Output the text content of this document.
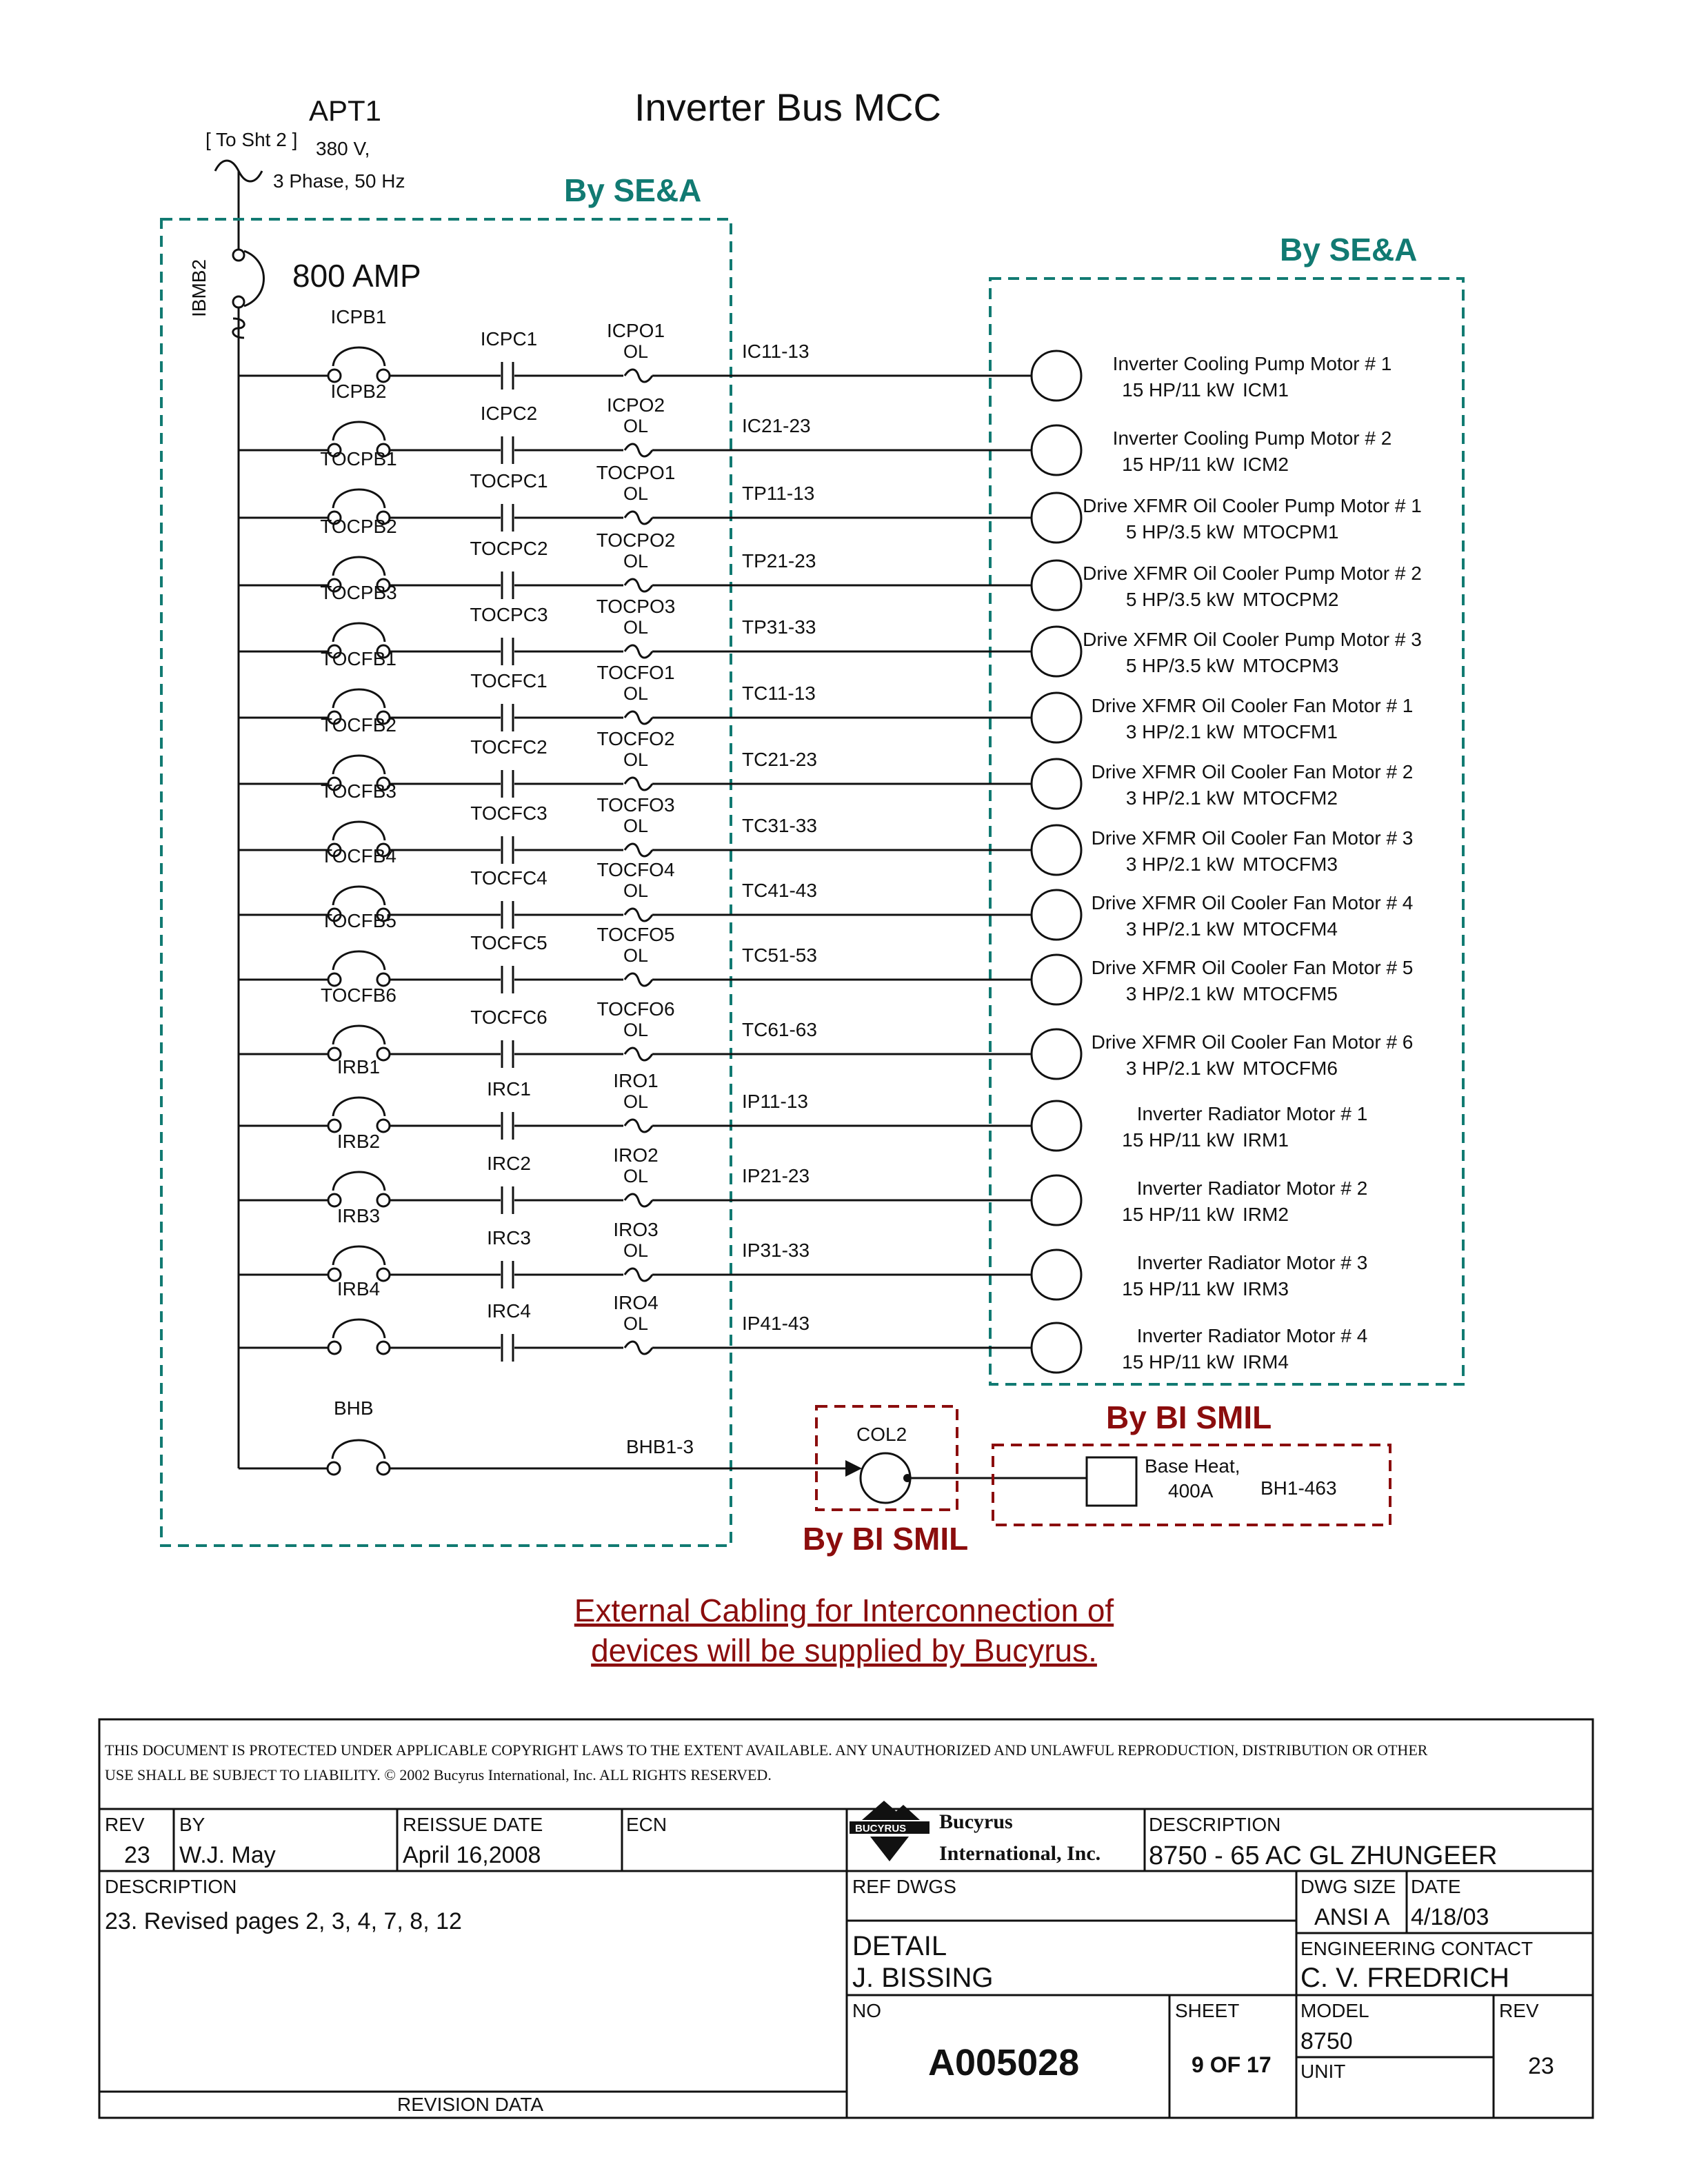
APT1
380 V,
3 Phase, 50 Hz
[ To Sht 2 ]
Inverter Bus MCC
By SE&A
By SE&A
IBMB2	800 AMP
ICPB1
ICPC1
OL
ICPO1
IC11-13
Inverter Cooling Pump Motor # 1
15 HP/11 kW ICM1
ICPB2
ICPC2
OL
ICPO2
IC21-23
Inverter Cooling Pump Motor # 2
15 HP/11 kW ICM2
TOCPB1
TOCPC1
OL
TOCPO1
TP11-13
Drive XFMR Oil Cooler Pump Motor # 1
5 HP/3.5 kW MTOCPM1
TOCPB2
TOCPC2
OL
TOCPO2
TP21-23
Drive XFMR Oil Cooler Pump Motor # 2
5 HP/3.5 kW MTOCPM2
TOCPB3
TOCPC3
OL
TOCPO3
TP31-33
Drive XFMR Oil Cooler Pump Motor # 3
5 HP/3.5 kW MTOCPM3
TOCFB1
TOCFC1
OL
TOCFO1
TC11-13
Drive XFMR Oil Cooler Fan Motor # 1
3 HP/2.1 kW MTOCFM1
TOCFB2
TOCFC2
OL
TOCFO2
TC21-23
Drive XFMR Oil Cooler Fan Motor # 2
3 HP/2.1 kW MTOCFM2
TOCFB3
TOCFC3
OL
TOCFO3
TC31-33
Drive XFMR Oil Cooler Fan Motor # 3
3 HP/2.1 kW MTOCFM3
TOCFB4
TOCFC4
OL
TOCFO4
TC41-43
Drive XFMR Oil Cooler Fan Motor # 4
3 HP/2.1 kW MTOCFM4
TOCFB5
TOCFC5
OL
TOCFO5
TC51-53
Drive XFMR Oil Cooler Fan Motor # 5
3 HP/2.1 kW MTOCFM5
TOCFB6
TOCFC6
OL
TOCFO6
TC61-63
Drive XFMR Oil Cooler Fan Motor # 6
3 HP/2.1 kW MTOCFM6
IRB1
IRC1
OL
IRO1
IP11-13
Inverter Radiator Motor # 1
15 HP/11 kW IRM1
IRB2
IRC2
OL
IRO2
IP21-23
Inverter Radiator Motor # 2
15 HP/11 kW IRM2
IRB3
IRC3
OL
IRO3
IP31-33
Inverter Radiator Motor # 3
15 HP/11 kW IRM3
IRB4
IRC4
OL
IRO4
IP41-43
Inverter Radiator Motor # 4
15 HP/11 kW IRM4
BHB
BHB1-3
COL2
By BI SMIL
By BI SMIL
Base Heat,
400A BH1-463
External Cabling for Interconnection of
devices will be supplied by Bucyrus.
THIS DOCUMENT IS PROTECTED UNDER APPLICABLE COPYRIGHT LAWS TO THE EXTENT AVAILABLE. ANY UNAUTHORIZED AND UNLAWFUL REPRODUCTION, DISTRIBUTION OR OTHER
USE SHALL BE SUBJECT TO LIABILITY. © 2002 Bucyrus International, Inc. ALL RIGHTS RESERVED.
REV
23
BY
W.J. May
REISSUE DATE
April 16,2008
ECN	BUCYRUS Bucyrus
International, Inc.
DESCRIPTION
8750 - 65 AC GL ZHUNGEER
DESCRIPTION
23. Revised pages 2, 3, 4, 7, 8, 12
REVISION DATA
REF DWGS
DETAIL
J. BISSING
DWG SIZE
ANSI A
DATE
4/18/03
ENGINEERING CONTACT
C. V. FREDRICH
NO
A005028
SHEET
9 OF 17
MODEL
8750
UNIT
REV
23
